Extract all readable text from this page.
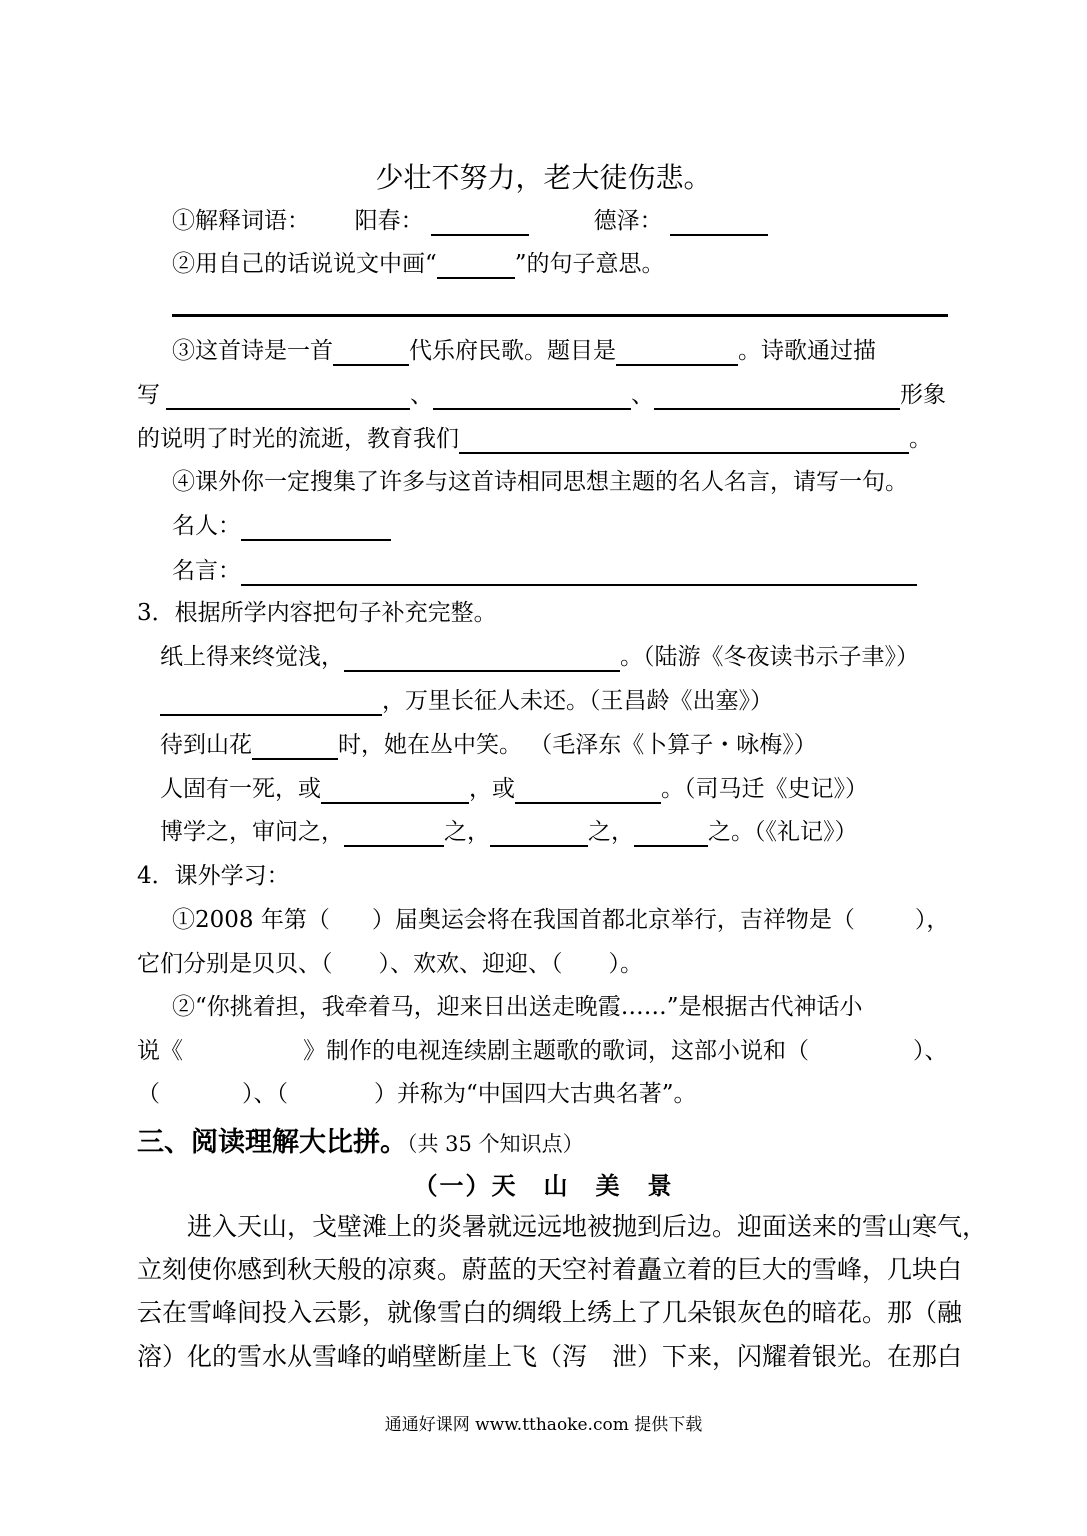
少壮不努力，老大徒伤悲。
①解释词语： 阳春：	德泽：
②用自己的话说说文中画“	”的句子意思。
③这首诗是一首	代乐府民歌。题目是	。诗歌通过描
写	、	、	形象
的说明了时光的流逝，教育我们	。
④课外你一定搜集了许多与这首诗相同思想主题的名人名言，请写一句。
名人：
名言：
3．根据所学内容把句子补充完整。
纸上得来终觉浅，	。（陆游《冬夜读书示子聿》）
，万里长征人未还。（王昌龄《出塞》）
待到山花	时，她在丛中笑。 （毛泽东《卜算子・咏梅》）
人固有一死，或	，或	。（司马迁《史记》）
博学之，审问之，	之，	之，	之。（《礼记》）
4．课外学习：
①2008 年第（ ）届奥运会将在我国首都北京举行，吉祥物是（	），
它们分别是贝贝、（　　）、欢欢、迎迎、（　　）。
②“你挑着担，我牵着马，迎来日出送走晚霞……”是根据古代神话小
说《	》制作的电视连续剧主题歌的歌词，这部小说和（	）、
（	）、（	）并称为“中国四大古典名著”。
三、阅读理解大比拼。（共 35 个知识点）
（一）天　山　美　景
　　进入天山，戈壁滩上的炎暑就远远地被抛到后边。迎面送来的雪山寒气，
立刻使你感到秋天般的凉爽。蔚蓝的天空衬着矗立着的巨大的雪峰，几块白
云在雪峰间投入云影，就像雪白的绸缎上绣上了几朵银灰色的暗花。那（融
溶）化的雪水从雪峰的峭壁断崖上飞（泻　泄）下来，闪耀着银光。在那白
通通好课网 www.tthaoke.com 提供下载
